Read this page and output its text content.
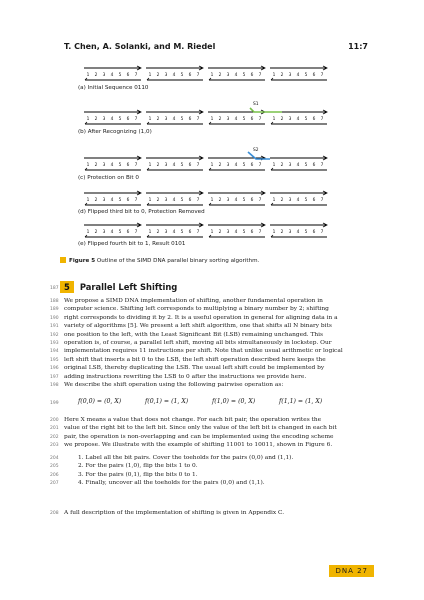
T. Chen, A. Solanki, and M. Riedel	11:7
1 2 3 4 5 6 7	1 2 3 4 5 6 7	1 2 3 4 5 6 7	1 2 3 4 5 6 7
1 2 3 4 5 6 7	1 2 3 4 5 6 7	1 2 3 4 5 6 7	1 2 3 4 5 6 7
S1
1 2 3 4 5 6 7	1 2 3 4 5 6 7	1 2 3 4 5 6 7	1 2 3 4 5 6 7
S2
1 2 3 4 5 6 7	1 2 3 4 5 6 7	1 2 3 4 5 6 7	1 2 3 4 5 6 7
1 2 3 4 5 6 7	1 2 3 4 5 6 7	1 2 3 4 5 6 7	1 2 3 4 5 6 7
(a) Initial Sequence 0110
(b) After Recognizing (1,0)
(c) Protection on Bit 0
(d) Flipped third bit to 0, Protection Removed
(e) Flipped fourth bit to 1, Result 0101
Figure 5 Outline of the SIMD DNA parallel binary sorting algorithm.
187 5 Parallel Left Shifting
188 We propose a SIMD DNA implementation of shifting, another fundamental operation in
189 computer science. Shifting left corresponds to multiplying a binary number by 2; shifting
190 right corresponds to dividing it by 2. It is a useful operation in general for aligning data in a
191 variety of algorithms [5]. We present a left shift algorithm, one that shifts all N binary bits
192 one position to the left, with the Least Significant Bit (LSB) remaining unchanged. This
193 operation is, of course, a parallel left shift, moving all bits simultaneously in lockstep. Our
194 implementation requires 11 instructions per shift. Note that unlike usual arithmetic or logical
195 left shift that inserts a bit 0 to the LSB, the left shift operation described here keeps the
196 original LSB, thereby duplicating the LSB. The usual left shift could be implemented by
197 adding instructions rewriting the LSB to 0 after the instructions we provide here.
198 We describe the shift operation using the following pairwise operation as:
199	f(0,0) = (0, X)	f(0,1) = (1, X)	f(1,0) = (0, X)	f(1,1) = (1, X)
200 Here X means a value that does not change. For each bit pair, the operation writes the
201 value of the right bit to the left bit. Since only the value of the left bit is changed in each bit
202 pair, the operation is non-overlapping and can be implemented using the encoding scheme
203 we propose. We illustrate with the example of shifting 11001 to 10011, shown in Figure 6.
204	1. Label all the bit pairs. Cover the toeholds for the pairs (0,0) and (1,1).
205	2. For the pairs (1,0), flip the bits 1 to 0.
206	3. For the pairs (0,1), flip the bits 0 to 1.
207	4. Finally, uncover all the toeholds for the pairs (0,0) and (1,1).
208 A full description of the implementation of shifting is given in Appendix C.
DNA 27
